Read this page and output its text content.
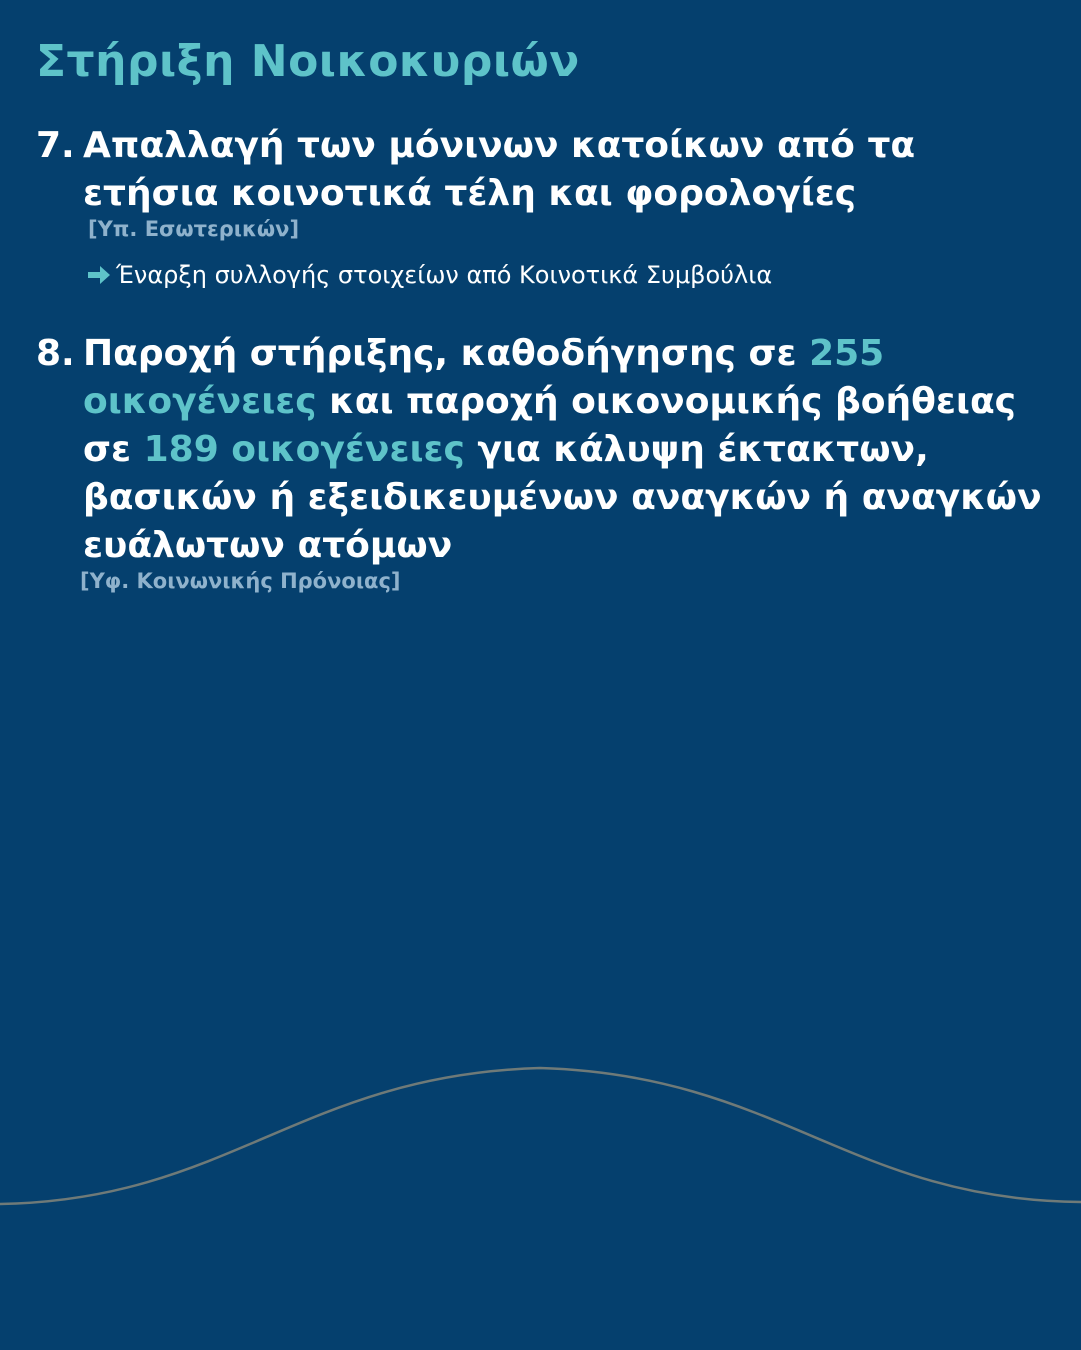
Στήριξη Νοικοκυριών

7. Απαλλαγή των μόνινων κατοίκων από τα ετήσια κοινοτικά τέλη και φορολογίες

[Υπ. Εσωτερικών]

Έναρξη συλλογής στοιχείων από Κοινοτικά Συμβούλια

8. Παροχή στήριξης, καθοδήγησης σε 255 οικογένειες και παροχή οικονομικής βοήθειας σε 189 οικογένειες για κάλυψη έκτακτων, βασικών ή εξειδικευμένων αναγκών ή αναγκών ευάλωτων ατόμων

[Υφ. Κοινωνικής Πρόνοιας]
